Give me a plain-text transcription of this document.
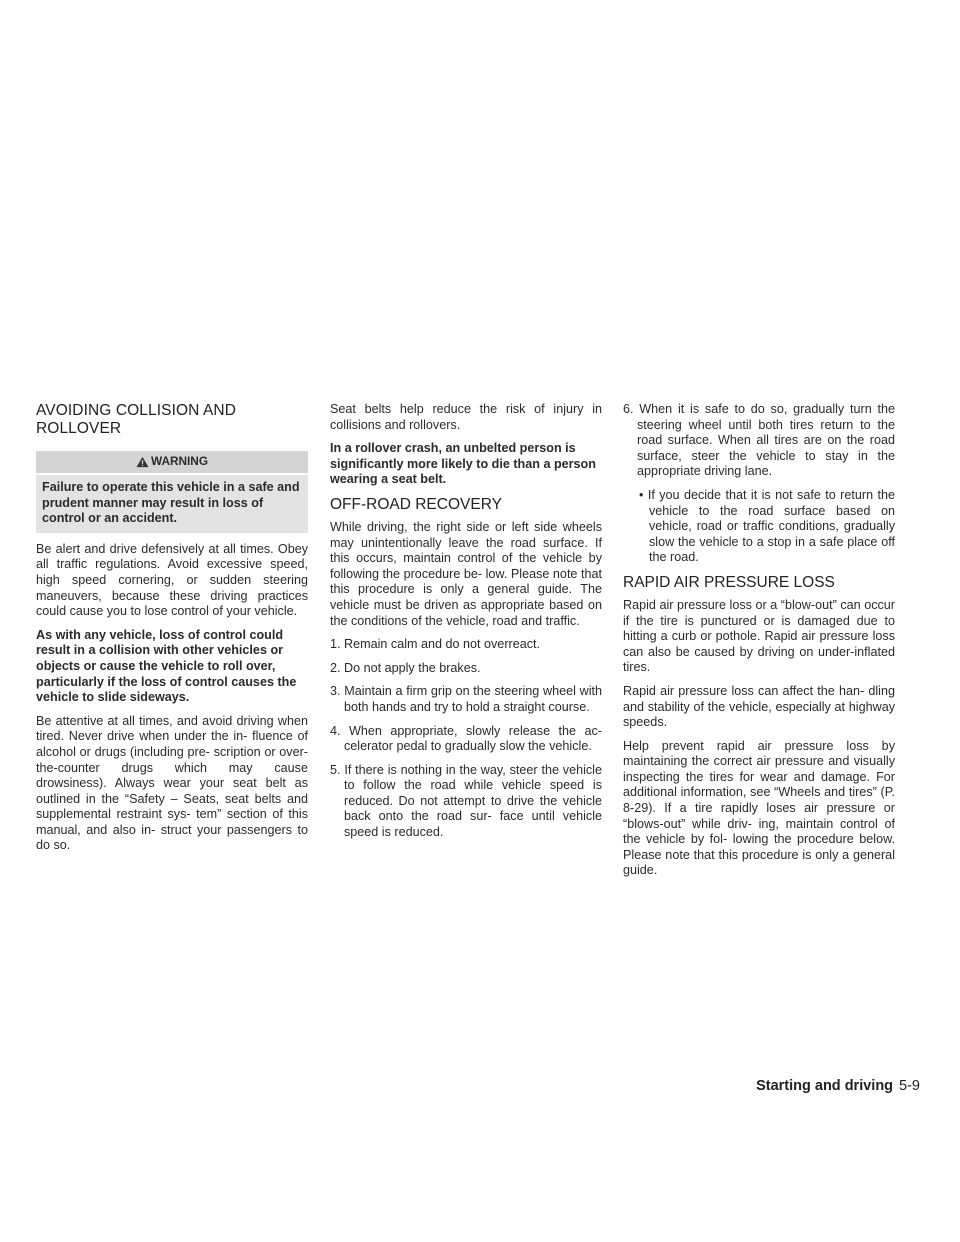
AVOIDING COLLISION AND
ROLLOVER
WARNING
Failure to operate this vehicle in a safe and prudent manner may result in loss of control or an accident.

Be alert and drive defensively at all times. Obey all traffic regulations. Avoid excessive speed, high speed cornering, or sudden steering maneuvers, because these driving practices could cause you to lose control of your vehicle.

As with any vehicle, loss of control could result in a collision with other vehicles or objects or cause the vehicle to roll over, particularly if the loss of control causes the vehicle to slide sideways.

Be attentive at all times, and avoid driving when tired. Never drive when under the in- fluence of alcohol or drugs (including pre- scription or over-the-counter drugs which may cause drowsiness). Always wear your seat belt as outlined in the “Safety – Seats, seat belts and supplemental restraint sys- tem” section of this manual, and also in- struct your passengers to do so.

Seat belts help reduce the risk of injury in collisions and rollovers.

In a rollover crash, an unbelted person is significantly more likely to die than a person wearing a seat belt.

OFF-ROAD RECOVERY

While driving, the right side or left side wheels may unintentionally leave the road surface. If this occurs, maintain control of the vehicle by following the procedure be- low. Please note that this procedure is only a general guide. The vehicle must be driven as appropriate based on the conditions of the vehicle, road and traffic.

1. Remain calm and do not overreact.
2. Do not apply the brakes.
3. Maintain a firm grip on the steering wheel with both hands and try to hold a straight course.
4. When appropriate, slowly release the ac- celerator pedal to gradually slow the vehicle.
5. If there is nothing in the way, steer the vehicle to follow the road while vehicle speed is reduced. Do not attempt to drive the vehicle back onto the road sur- face until vehicle speed is reduced.
6. When it is safe to do so, gradually turn the steering wheel until both tires return to the road surface. When all tires are on the road surface, steer the vehicle to stay in the appropriate driving lane.
• If you decide that it is not safe to return the vehicle to the road surface based on vehicle, road or traffic conditions, gradually slow the vehicle to a stop in a safe place off the road.
RAPID AIR PRESSURE LOSS

Rapid air pressure loss or a “blow-out” can occur if the tire is punctured or is damaged due to hitting a curb or pothole. Rapid air pressure loss can also be caused by driving on under-inflated tires.

Rapid air pressure loss can affect the han- dling and stability of the vehicle, especially at highway speeds.

Help prevent rapid air pressure loss by maintaining the correct air pressure and visually inspecting the tires for wear and damage. For additional information, see “Wheels and tires” (P. 8-29). If a tire rapidly loses air pressure or “blows-out” while driv- ing, maintain control of the vehicle by fol- lowing the procedure below. Please note that this procedure is only a general guide.

Starting and driving 5-9
